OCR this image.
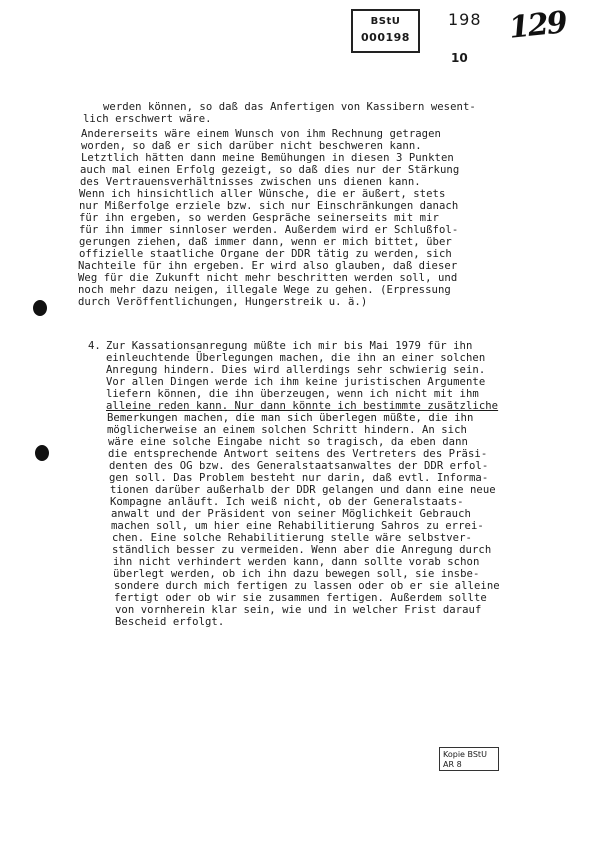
BStU
000198
198 129
10
werden können, so daß das Anfertigen von Kassibern wesent-
lich erschwert wäre.
Andererseits wäre einem Wunsch von ihm Rechnung getragen
worden, so daß er sich darüber nicht beschweren kann.
Letztlich hätten dann meine Bemühungen in diesen 3 Punkten
auch mal einen Erfolg gezeigt, so daß dies nur der Stärkung
des Vertrauensverhältnisses zwischen uns dienen kann.
Wenn ich hinsichtlich aller Wünsche, die er äußert, stets
nur Mißerfolge erziele bzw. sich nur Einschränkungen danach
für ihn ergeben, so werden Gespräche seinerseits mit mir
für ihn immer sinnloser werden. Außerdem wird er Schlußfol-
gerungen ziehen, daß immer dann, wenn er mich bittet, über
offizielle staatliche Organe der DDR tätig zu werden, sich
Nachteile für ihn ergeben. Er wird also glauben, daß dieser
Weg für die Zukunft nicht mehr beschritten werden soll, und
noch mehr dazu neigen, illegale Wege zu gehen. (Erpressung
durch Veröffentlichungen, Hungerstreik u. ä.)
4. Zur Kassationsanregung müßte ich mir bis Mai 1979 für ihn
einleuchtende Überlegungen machen, die ihn an einer solchen
Anregung hindern. Dies wird allerdings sehr schwierig sein.
Vor allen Dingen werde ich ihm keine juristischen Argumente
liefern können, die ihn überzeugen, wenn ich nicht mit ihm
alleine reden kann. Nur dann könnte ich bestimmte zusätzliche
Bemerkungen machen, die man sich überlegen müßte, die ihn
möglicherweise an einem solchen Schritt hindern. An sich
wäre eine solche Eingabe nicht so tragisch, da eben dann
die entsprechende Antwort seitens des Vertreters des Präsi-
denten des OG bzw. des Generalstaatsanwaltes der DDR erfol-
gen soll. Das Problem besteht nur darin, daß evtl. Informa-
tionen darüber außerhalb der DDR gelangen und dann eine neue
Kompagne anläuft. Ich weiß nicht, ob der Generalstaats-
anwalt und der Präsident von seiner Möglichkeit Gebrauch
machen soll, um hier eine Rehabilitierung Sahros zu errei-
chen. Eine solche Rehabilitierung stelle wäre selbstver-
ständlich besser zu vermeiden. Wenn aber die Anregung durch
ihn nicht verhindert werden kann, dann sollte vorab schon
überlegt werden, ob ich ihn dazu bewegen soll, sie insbe-
sondere durch mich fertigen zu lassen oder ob er sie alleine
fertigt oder ob wir sie zusammen fertigen. Außerdem sollte
von vornherein klar sein, wie und in welcher Frist darauf
Bescheid erfolgt.
Kopie BStU
AR 8
